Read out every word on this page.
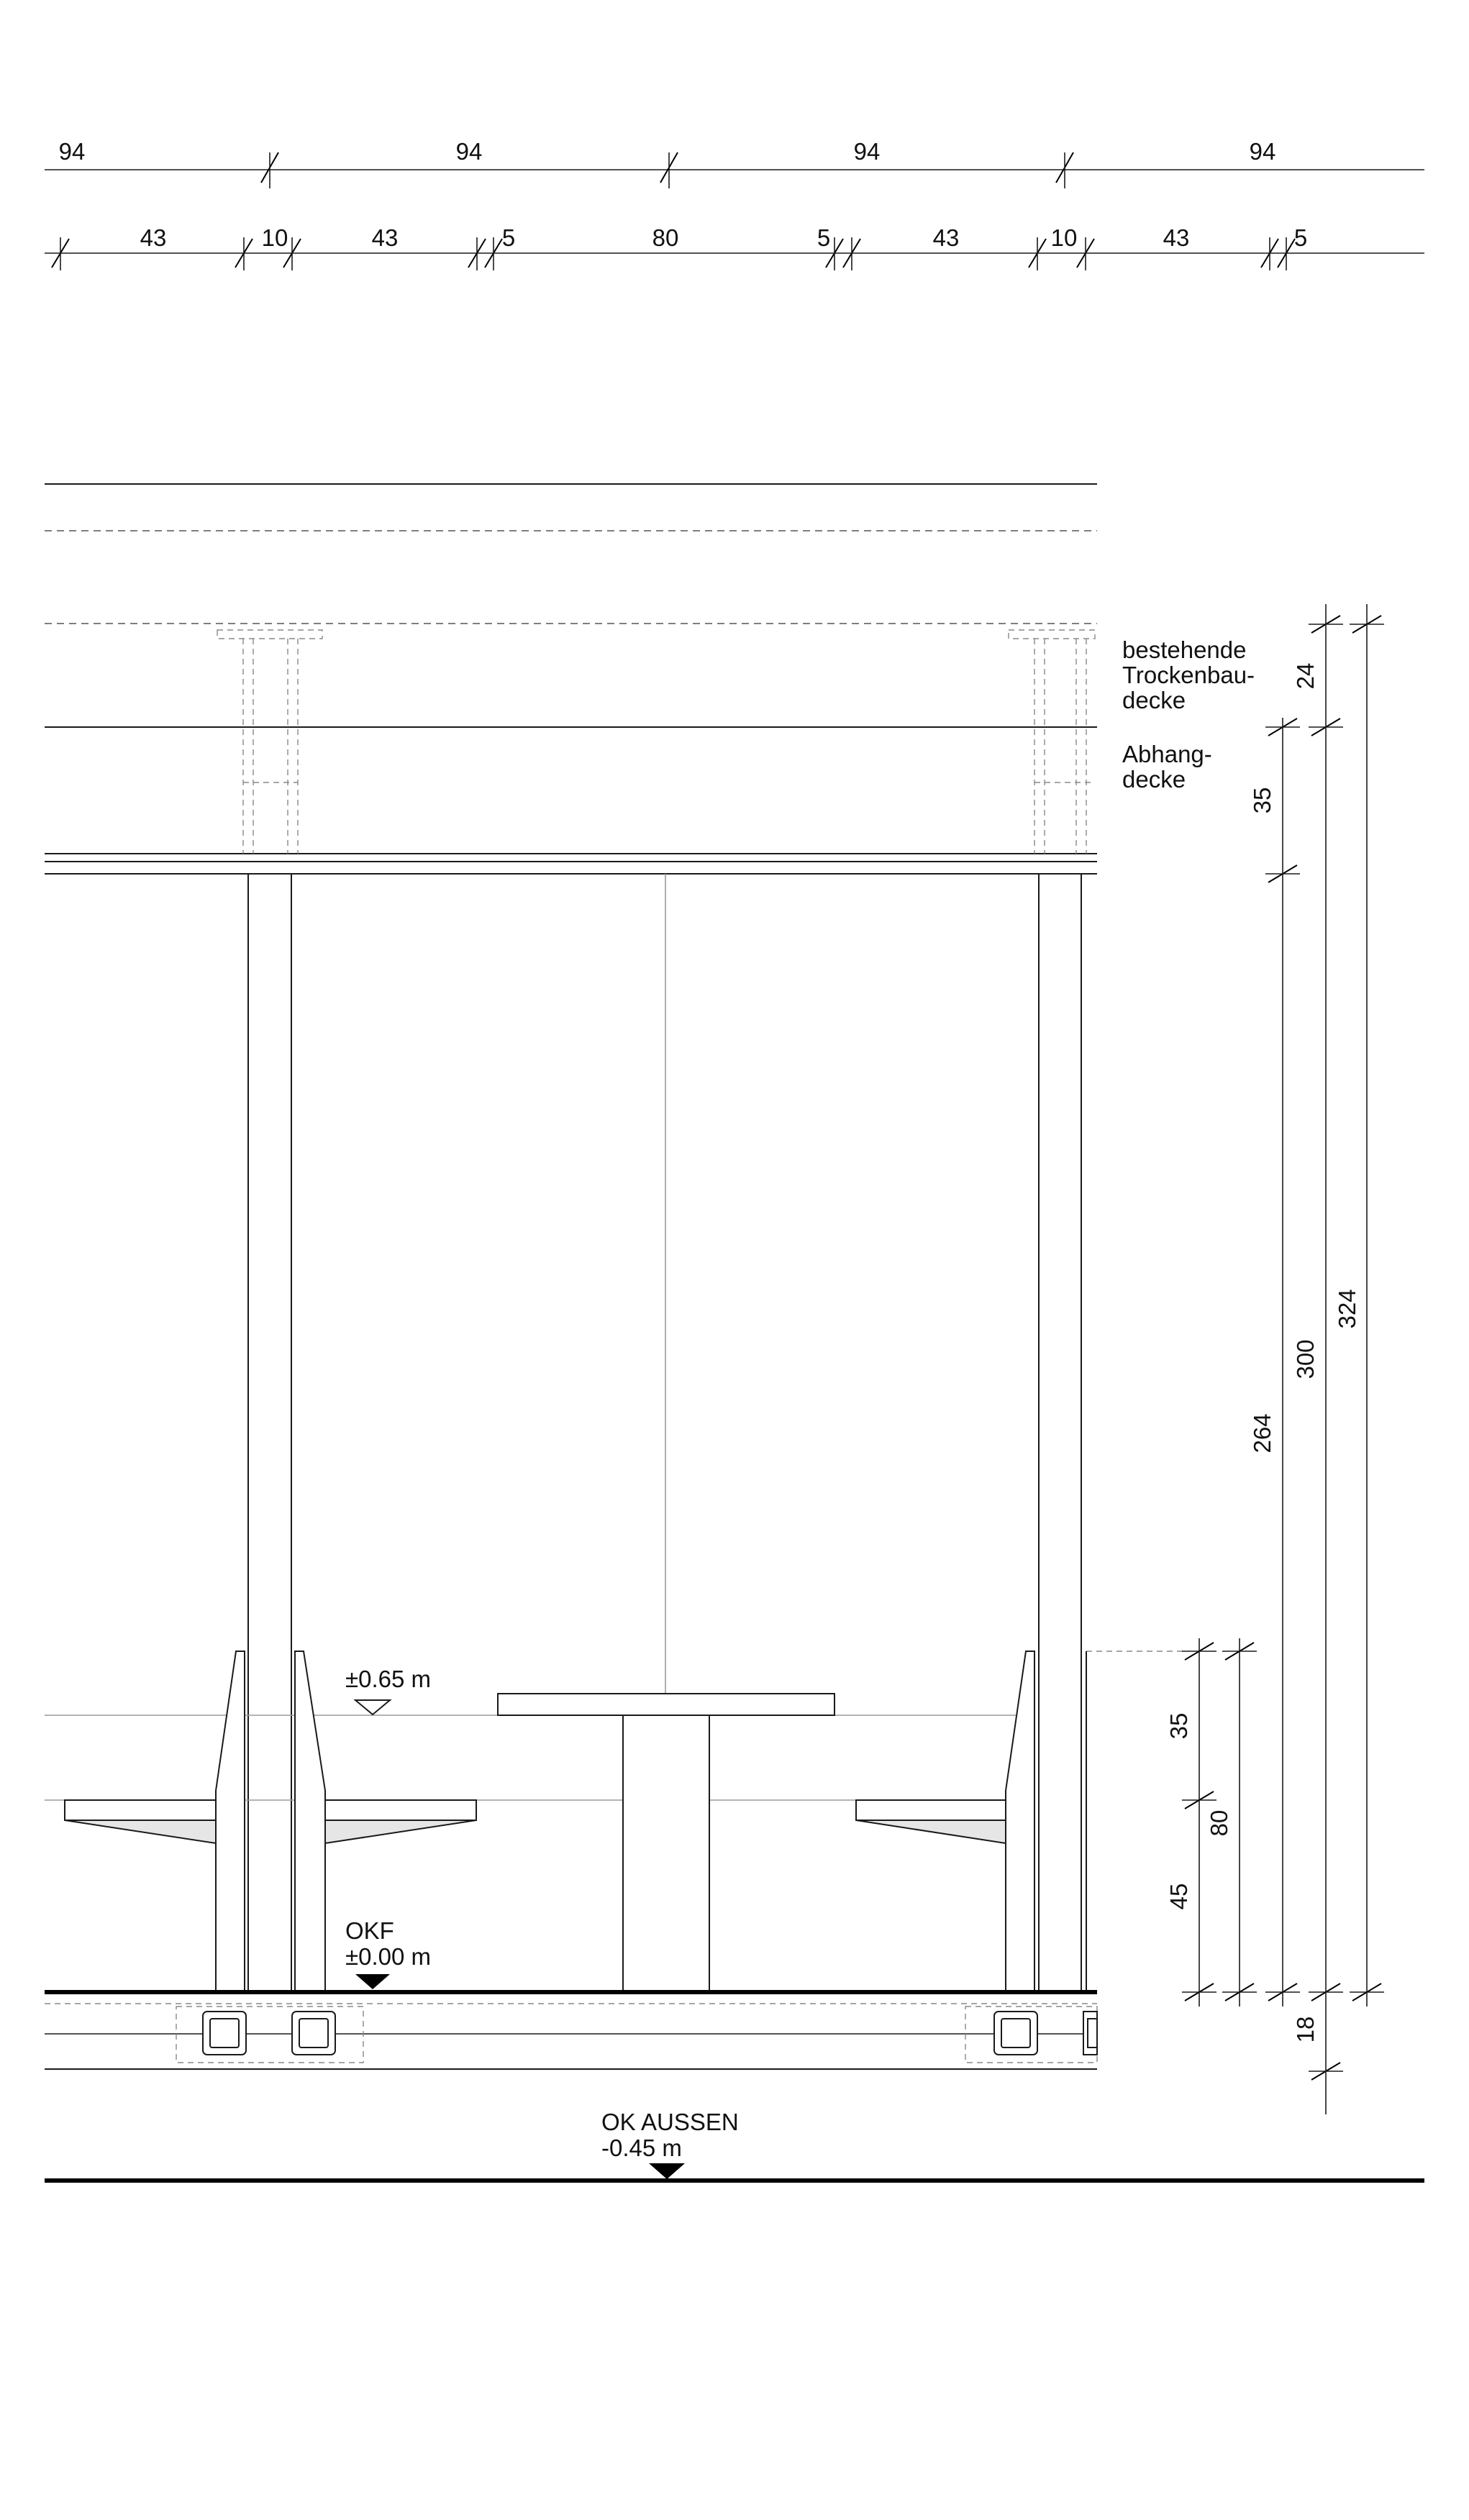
94	94	94	94
43	10	43	5	80	5	43	10	43	5
bestehende
Trockenbau-
decke
Abhang-
decke
±0.65 m
OKF
±0.00 m
OK AUSSEN
-0.45 m
24
35
264
300
324
18
35
80
45
